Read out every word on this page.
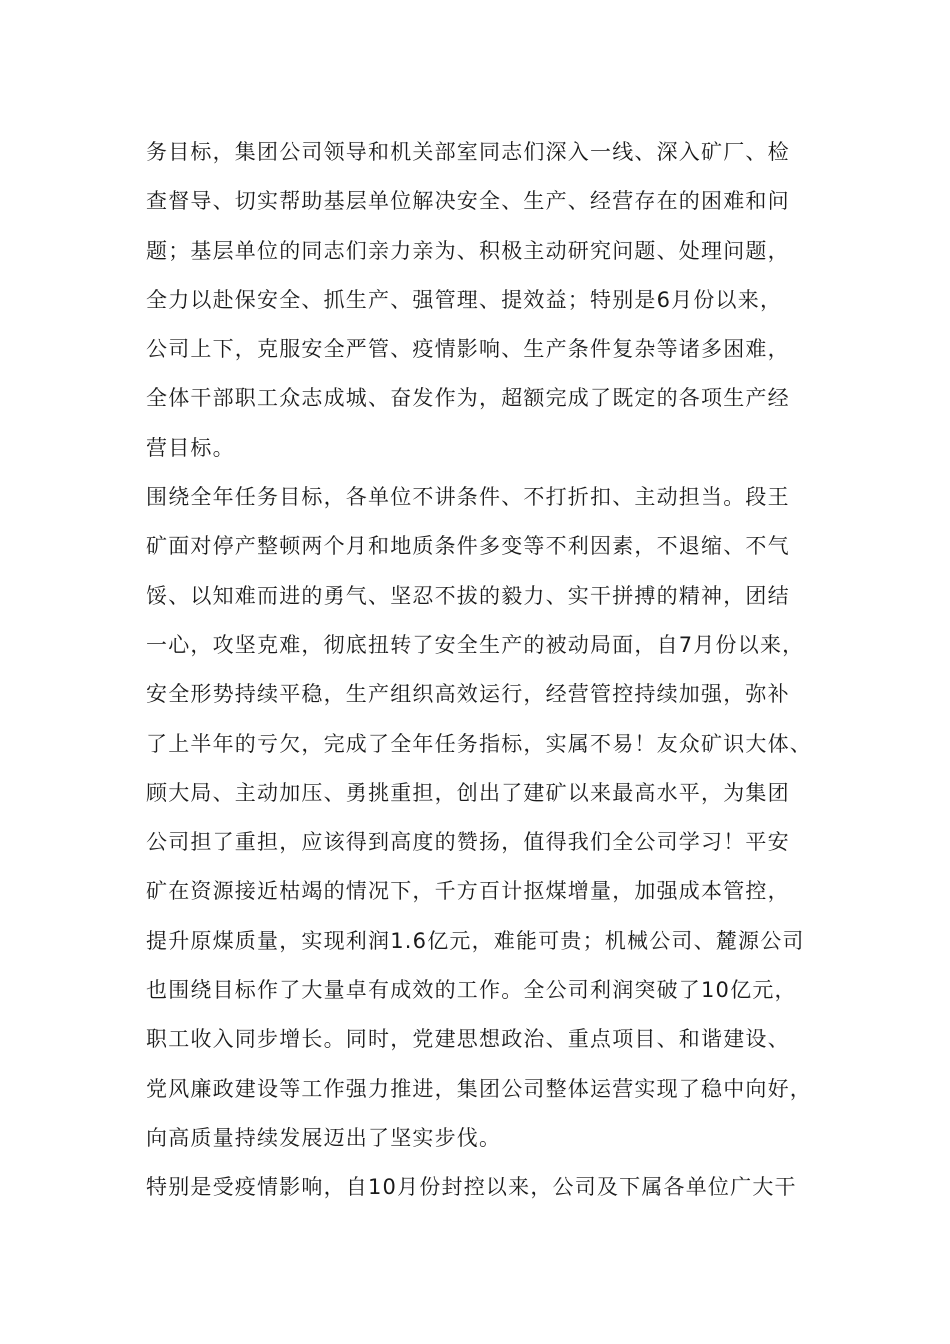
务目标，集团公司领导和机关部室同志们深入一线、深入矿厂、检
查督导、切实帮助基层单位解决安全、生产、经营存在的困难和问
题；基层单位的同志们亲力亲为、积极主动研究问题、处理问题，
全力以赴保安全、抓生产、强管理、提效益；特别是6月份以来，
公司上下，克服安全严管、疫情影响、生产条件复杂等诸多困难，
全体干部职工众志成城、奋发作为，超额完成了既定的各项生产经
营目标。
围绕全年任务目标，各单位不讲条件、不打折扣、主动担当。段王
矿面对停产整顿两个月和地质条件多变等不利因素，不退缩、不气
馁、以知难而进的勇气、坚忍不拔的毅力、实干拼搏的精神，团结
一心，攻坚克难，彻底扭转了安全生产的被动局面，自7月份以来，
安全形势持续平稳，生产组织高效运行，经营管控持续加强，弥补
了上半年的亏欠，完成了全年任务指标，实属不易！友众矿识大体、
顾大局、主动加压、勇挑重担，创出了建矿以来最高水平，为集团
公司担了重担，应该得到高度的赞扬，值得我们全公司学习！平安
矿在资源接近枯竭的情况下，千方百计抠煤增量，加强成本管控，
提升原煤质量，实现利润1.6亿元，难能可贵；机械公司、麓源公司
也围绕目标作了大量卓有成效的工作。全公司利润突破了10亿元，
职工收入同步增长。同时，党建思想政治、重点项目、和谐建设、
党风廉政建设等工作强力推进，集团公司整体运营实现了稳中向好，
向高质量持续发展迈出了坚实步伐。
特别是受疫情影响，自10月份封控以来，公司及下属各单位广大干
